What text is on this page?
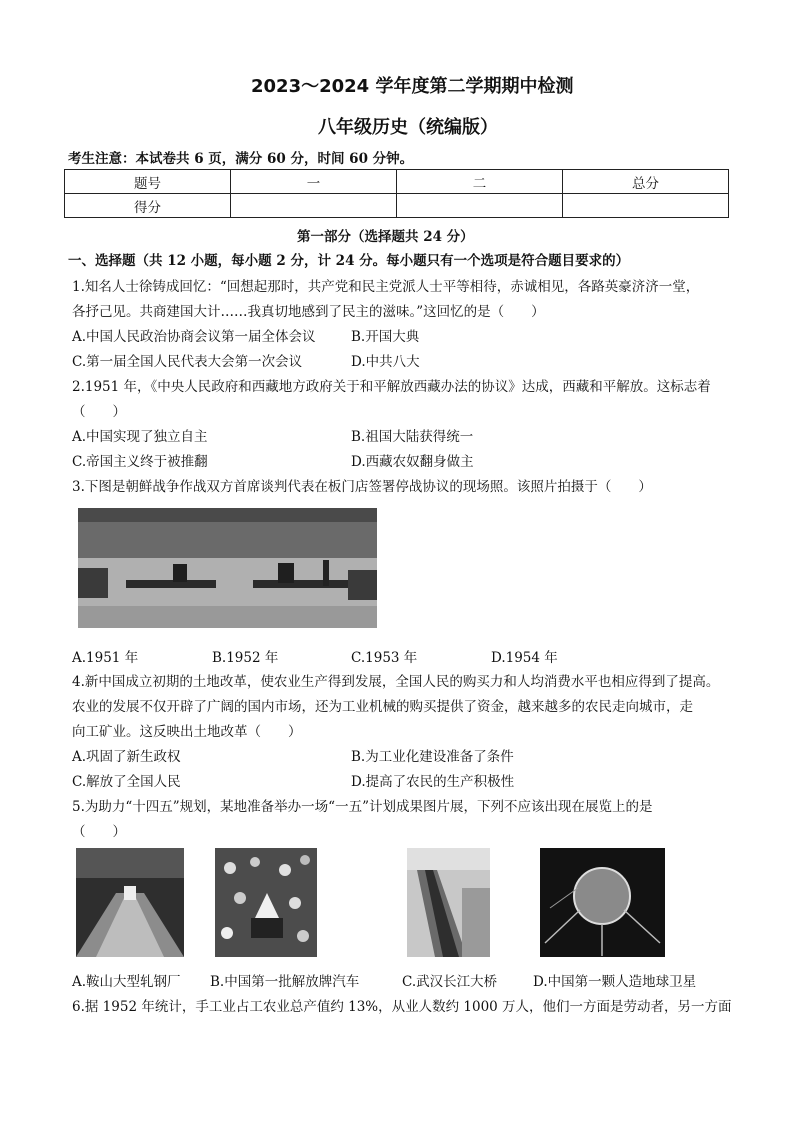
2023～2024 学年度第二学期期中检测
八年级历史（统编版）
考生注意：本试卷共 6 页，满分 60 分，时间 60 分钟。
题号	一	二	总分
得分			
第一部分（选择题共 24 分）
一、选择题（共 12 小题，每小题 2 分，计 24 分。每小题只有一个选项是符合题目要求的）
1.知名人士徐铸成回忆：“回想起那时，共产党和民主党派人士平等相待，赤诚相见，各路英豪济济一堂，
各抒己见。共商建国大计……我真切地感到了民主的滋味。”这回忆的是（　　）
A.中国人民政治协商会议第一届全体会议	B.开国大典
C.第一届全国人民代表大会第一次会议	D.中共八大
2.1951 年，《中央人民政府和西藏地方政府关于和平解放西藏办法的协议》达成，西藏和平解放。这标志着
（　　）
A.中国实现了独立自主	B.祖国大陆获得统一
C.帝国主义终于被推翻	D.西藏农奴翻身做主
3.下图是朝鲜战争作战双方首席谈判代表在板门店签署停战协议的现场照。该照片拍摄于（　　）
A.1951 年	B.1952 年	C.1953 年	D.1954 年
4.新中国成立初期的土地改革，使农业生产得到发展，全国人民的购买力和人均消费水平也相应得到了提高。
农业的发展不仅开辟了广阔的国内市场，还为工业机械的购买提供了资金，越来越多的农民走向城市，走
向工矿业。这反映出土地改革（　　）
A.巩固了新生政权	B.为工业化建设准备了条件
C.解放了全国人民	D.提高了农民的生产积极性
5.为助力“十四五”规划，某地准备举办一场“一五”计划成果图片展，下列不应该出现在展览上的是
（　　）
A.鞍山大型轧钢厂 B.中国第一批解放牌汽车	C.武汉长江大桥	D.中国第一颗人造地球卫星
6.据 1952 年统计，手工业占工农业总产值约 13%，从业人数约 1000 万人，他们一方面是劳动者，另一方面
